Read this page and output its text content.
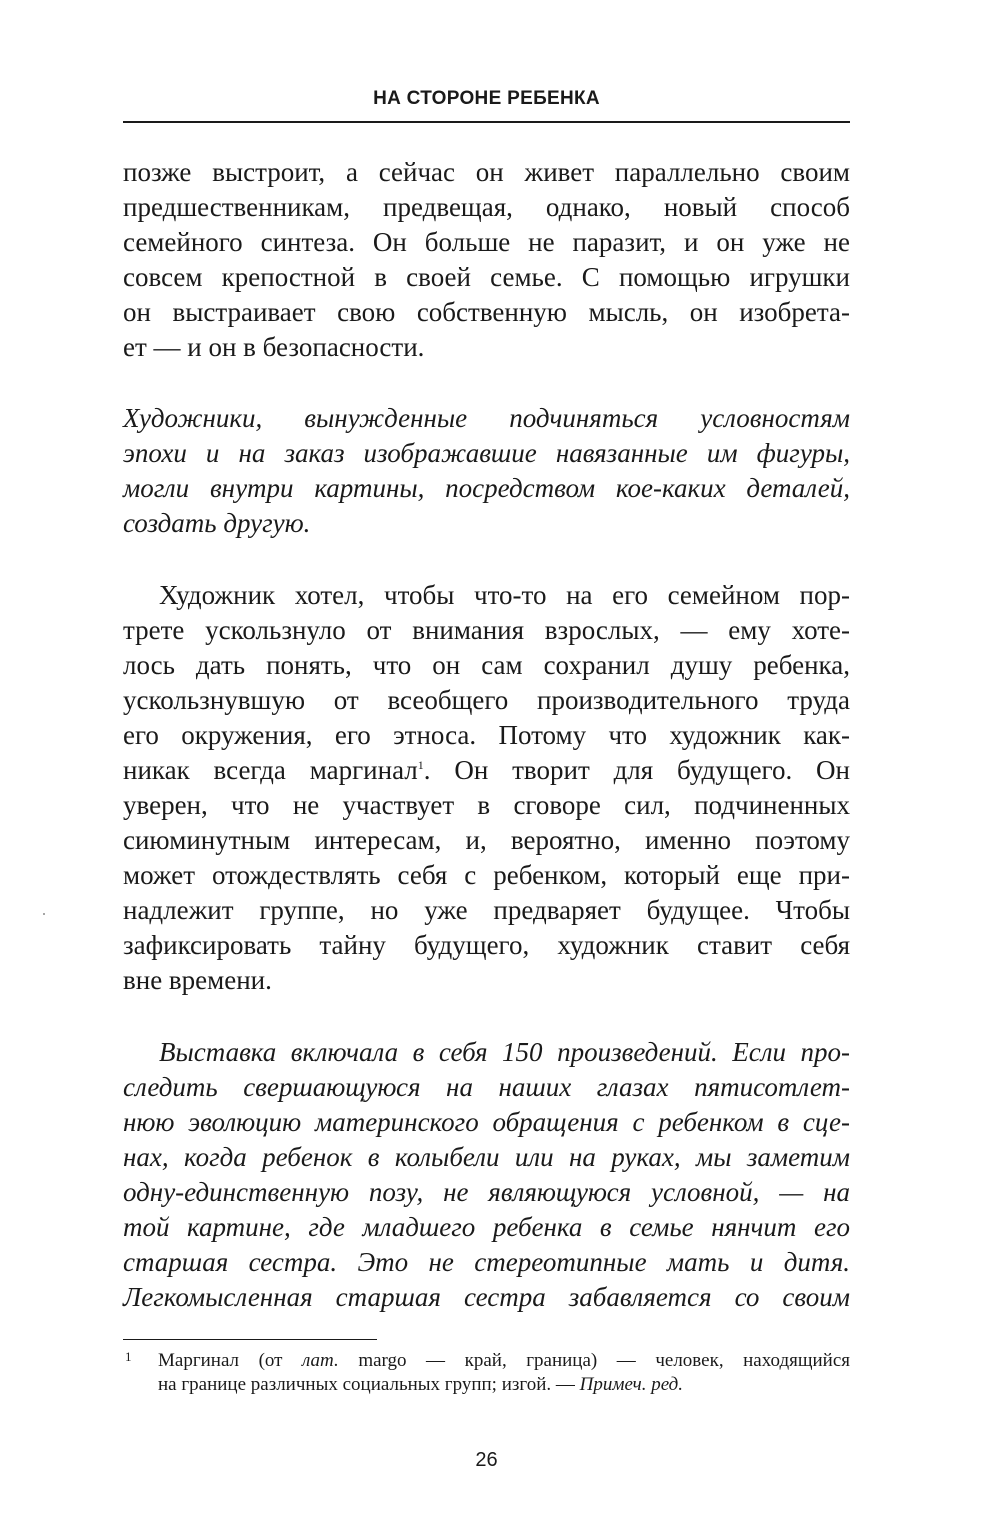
НА СТОРОНЕ РЕБЕНКА
позже выстроит, а сейчас он живет параллельно своим
предшественникам, предвещая, однако, новый способ
семейного синтеза. Он больше не паразит, и он уже не
совсем крепостной в своей семье. С помощью игрушки
он выстраивает свою собственную мысль, он изобрета-
ет — и он в безопасности.
Художники, вынужденные подчиняться условностям
эпохи и на заказ изображавшие навязанные им фигуры,
могли внутри картины, посредством кое-каких деталей,
создать другую.
Художник хотел, чтобы что-то на его семейном пор-
трете ускользнуло от внимания взрослых, — ему хоте-
лось дать понять, что он сам сохранил душу ребенка,
ускользнувшую от всеобщего производительного труда
его окружения, его этноса. Потому что художник как-
никак всегда маргинал$^1$. Он творит для будущего. Он
уверен, что не участвует в сговоре сил, подчиненных
сиюминутным интересам, и, вероятно, именно поэтому
может отождествлять себя с ребенком, который еще при-
надлежит группе, но уже предваряет будущее. Чтобы
зафиксировать тайну будущего, художник ставит себя
вне времени.
Выставка включала в себя 150 произведений. Если про-
следить свершающуюся на наших глазах пятисотлет-
нюю эволюцию материнского обращения с ребенком в сце-
нах, когда ребенок в колыбели или на руках, мы заметим
одну-единственную позу, не являющуюся условной, — на
той картине, где младшего ребенка в семье нянчит его
старшая сестра. Это не стереотипные мать и дитя.
Легкомысленная старшая сестра забавляется со своим
1	Маргинал (от лат. margo — край, граница) — человек, находящийся
на границе различных социальных групп; изгой. — Примеч. ред.
26
